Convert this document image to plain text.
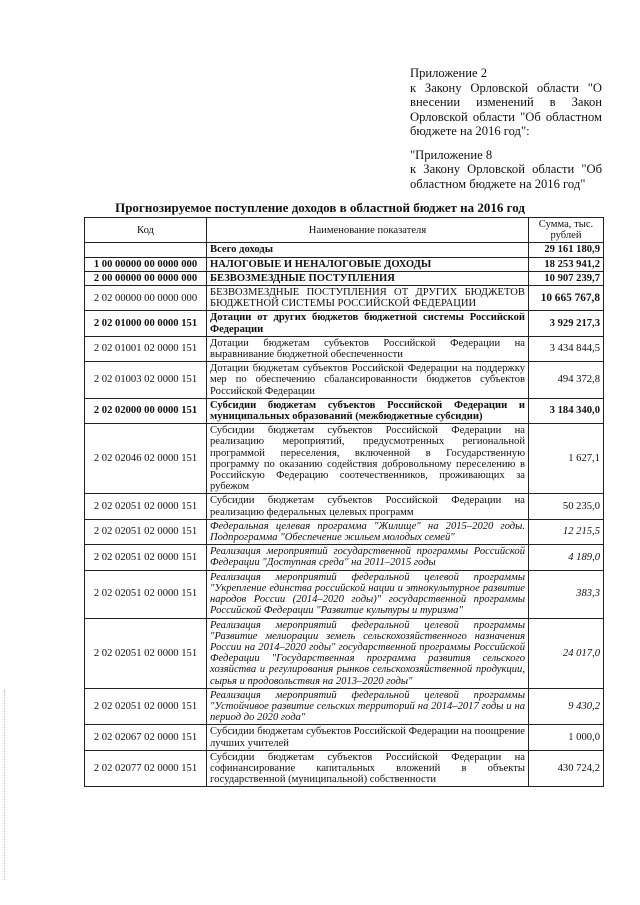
Приложение 2

к Закону Орловской области "О внесении изменений в Закон Орловской области "Об областном бюджете на 2016 год":

"Приложение 8

к Закону Орловской области "Об областном бюджете на 2016 год"

Прогнозируемое поступление доходов в областной бюджет на 2016 год
Код	Наименование показателя	Сумма, тыс. рублей
	Всего доходы	29 161 180,9
1 00 00000 00 0000 000	НАЛОГОВЫЕ И НЕНАЛОГОВЫЕ ДОХОДЫ	18 253 941,2
2 00 00000 00 0000 000	БЕЗВОЗМЕЗДНЫЕ ПОСТУПЛЕНИЯ	10 907 239,7
2 02 00000 00 0000 000	БЕЗВОЗМЕЗДНЫЕ ПОСТУПЛЕНИЯ ОТ ДРУГИХ БЮДЖЕТОВ БЮДЖЕТНОЙ СИСТЕМЫ РОССИЙСКОЙ ФЕДЕРАЦИИ	10 665 767,8
2 02 01000 00 0000 151	Дотации от других бюджетов бюджетной системы Российской Федерации	3 929 217,3
2 02 01001 02 0000 151	Дотации бюджетам субъектов Российской Федерации на выравнивание бюджетной обеспеченности	3 434 844,5
2 02 01003 02 0000 151	Дотации бюджетам субъектов Российской Федерации на поддержку мер по обеспечению сбалансированности бюджетов субъектов Российской Федерации	494 372,8
2 02 02000 00 0000 151	Субсидии бюджетам субъектов Российской Федерации и муниципальных образований (межбюджетные субсидии)	3 184 340,0
2 02 02046 02 0000 151	Субсидии бюджетам субъектов Российской Федерации на реализацию мероприятий, предусмотренных региональной программой переселения, включенной в Государственную программу по оказанию содействия добровольному переселению в Российскую Федерацию соотечественников, проживающих за рубежом	1 627,1
2 02 02051 02 0000 151	Субсидии бюджетам субъектов Российской Федерации на реализацию федеральных целевых программ	50 235,0
2 02 02051 02 0000 151	Федеральная целевая программа "Жилище" на 2015–2020 годы. Подпрограмма "Обеспечение жильем молодых семей"	12 215,5
2 02 02051 02 0000 151	Реализация мероприятий государственной программы Российской Федерации "Доступная среда" на 2011–2015 годы	4 189,0
2 02 02051 02 0000 151	Реализация мероприятий федеральной целевой программы "Укрепление единства российской нации и этнокультурное развитие народов России (2014–2020 годы)" государственной программы Российской Федерации "Развитие культуры и туризма"	383,3
2 02 02051 02 0000 151	Реализация мероприятий федеральной целевой программы "Развитие мелиорации земель сельскохозяйственного назначения России на 2014–2020 годы" государственной программы Российской Федерации "Государственная программа развития сельского хозяйства и регулирования рынков сельскохозяйственной продукции, сырья и продовольствия на 2013–2020 годы"	24 017,0
2 02 02051 02 0000 151	Реализация мероприятий федеральной целевой программы "Устойчивое развитие сельских территорий на 2014–2017 годы и на период до 2020 года"	9 430,2
2 02 02067 02 0000 151	Субсидии бюджетам субъектов Российской Федерации на поощрение лучших учителей	1 000,0
2 02 02077 02 0000 151	Субсидии бюджетам субъектов Российской Федерации на софинансирование капитальных вложений в объекты государственной (муниципальной) собственности	430 724,2
